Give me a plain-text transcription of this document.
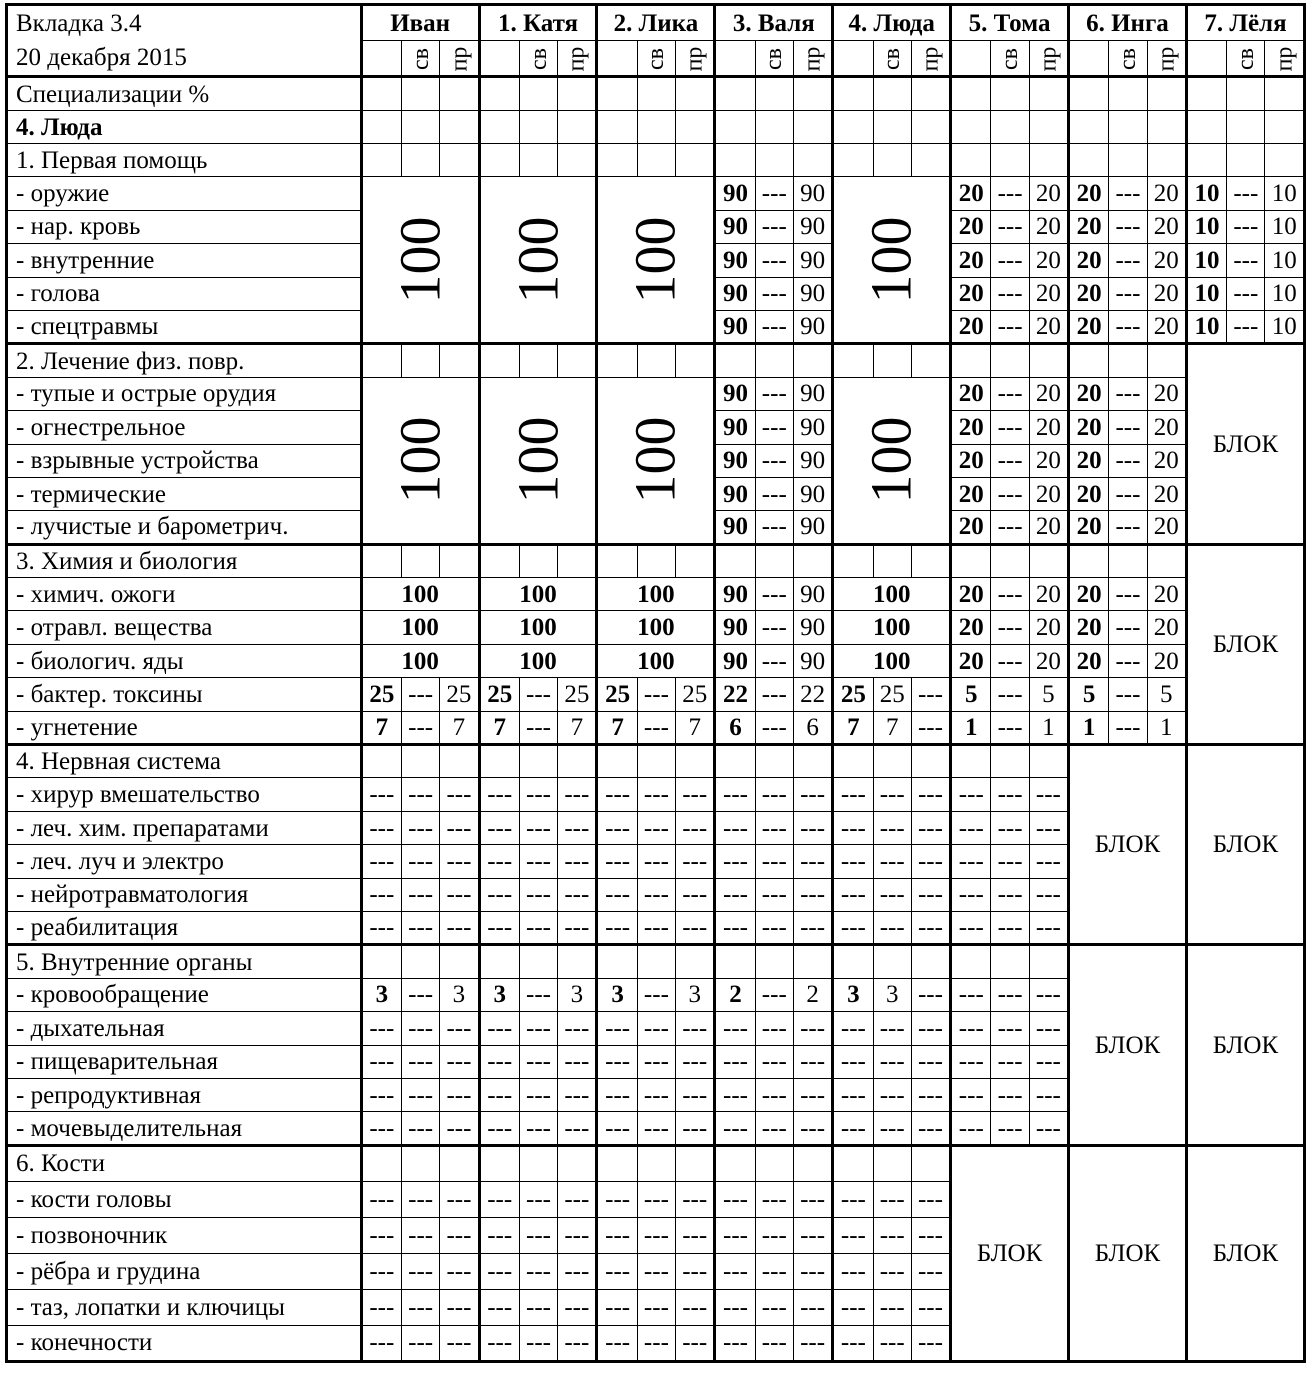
Вкладка 3.4	Иван			1. Катя			2. Лика			3. Валя			4. Люда			5. Тома			6. Инга			7. Лёля		
20 декабря 2015		св	пр		св	пр		св	пр		св	пр		св	пр		св	пр		св	пр		св	пр
Специализации %																								
4. Люда																								
1. Первая помощь																								
- оружие	100			100			100			90	---	90	100			20	---	20	20	---	20	10	---	10
- нар. кровь										90	---	90				20	---	20	20	---	20	10	---	10
- внутренние										90	---	90				20	---	20	20	---	20	10	---	10
- голова										90	---	90				20	---	20	20	---	20	10	---	10
- спецтравмы										90	---	90				20	---	20	20	---	20	10	---	10
2. Лечение физ. повр.																						БЛОК		
- тупые и острые орудия	100			100			100			90	---	90	100			20	---	20	20	---	20			
- огнестрельное										90	---	90				20	---	20	20	---	20			
- взрывные устройства										90	---	90				20	---	20	20	---	20			
- термические										90	---	90				20	---	20	20	---	20			
- лучистые и барометрич.										90	---	90				20	---	20	20	---	20			
3. Химия и биология																						БЛОК		
- химич. ожоги	100			100			100			90	---	90	100			20	---	20	20	---	20			
- отравл. вещества	100			100			100			90	---	90	100			20	---	20	20	---	20			
- биологич. яды	100			100			100			90	---	90	100			20	---	20	20	---	20			
- бактер. токсины	25	---	25	25	---	25	25	---	25	22	---	22	25	25	---	5	---	5	5	---	5			
- угнетение	7	---	7	7	---	7	7	---	7	6	---	6	7	7	---	1	---	1	1	---	1			
4. Нервная система																			БЛОК			БЛОК		
- хирур вмешательство	---	---	---	---	---	---	---	---	---	---	---	---	---	---	---	---	---	---						
- леч. хим. препаратами	---	---	---	---	---	---	---	---	---	---	---	---	---	---	---	---	---	---						
- леч. луч и электро	---	---	---	---	---	---	---	---	---	---	---	---	---	---	---	---	---	---						
- нейротравматология	---	---	---	---	---	---	---	---	---	---	---	---	---	---	---	---	---	---						
- реабилитация	---	---	---	---	---	---	---	---	---	---	---	---	---	---	---	---	---	---						
5. Внутренние органы																			БЛОК			БЛОК		
- кровообращение	3	---	3	3	---	3	3	---	3	2	---	2	3	3	---	---	---	---						
- дыхательная	---	---	---	---	---	---	---	---	---	---	---	---	---	---	---	---	---	---						
- пищеварительная	---	---	---	---	---	---	---	---	---	---	---	---	---	---	---	---	---	---						
- репродуктивная	---	---	---	---	---	---	---	---	---	---	---	---	---	---	---	---	---	---						
- мочевыделительная	---	---	---	---	---	---	---	---	---	---	---	---	---	---	---	---	---	---						
6. Кости																БЛОК			БЛОК			БЛОК		
- кости головы	---	---	---	---	---	---	---	---	---	---	---	---	---	---	---									
- позвоночник	---	---	---	---	---	---	---	---	---	---	---	---	---	---	---									
- рёбра и грудина	---	---	---	---	---	---	---	---	---	---	---	---	---	---	---									
- таз, лопатки и ключицы	---	---	---	---	---	---	---	---	---	---	---	---	---	---	---									
- конечности	---	---	---	---	---	---	---	---	---	---	---	---	---	---	---									
